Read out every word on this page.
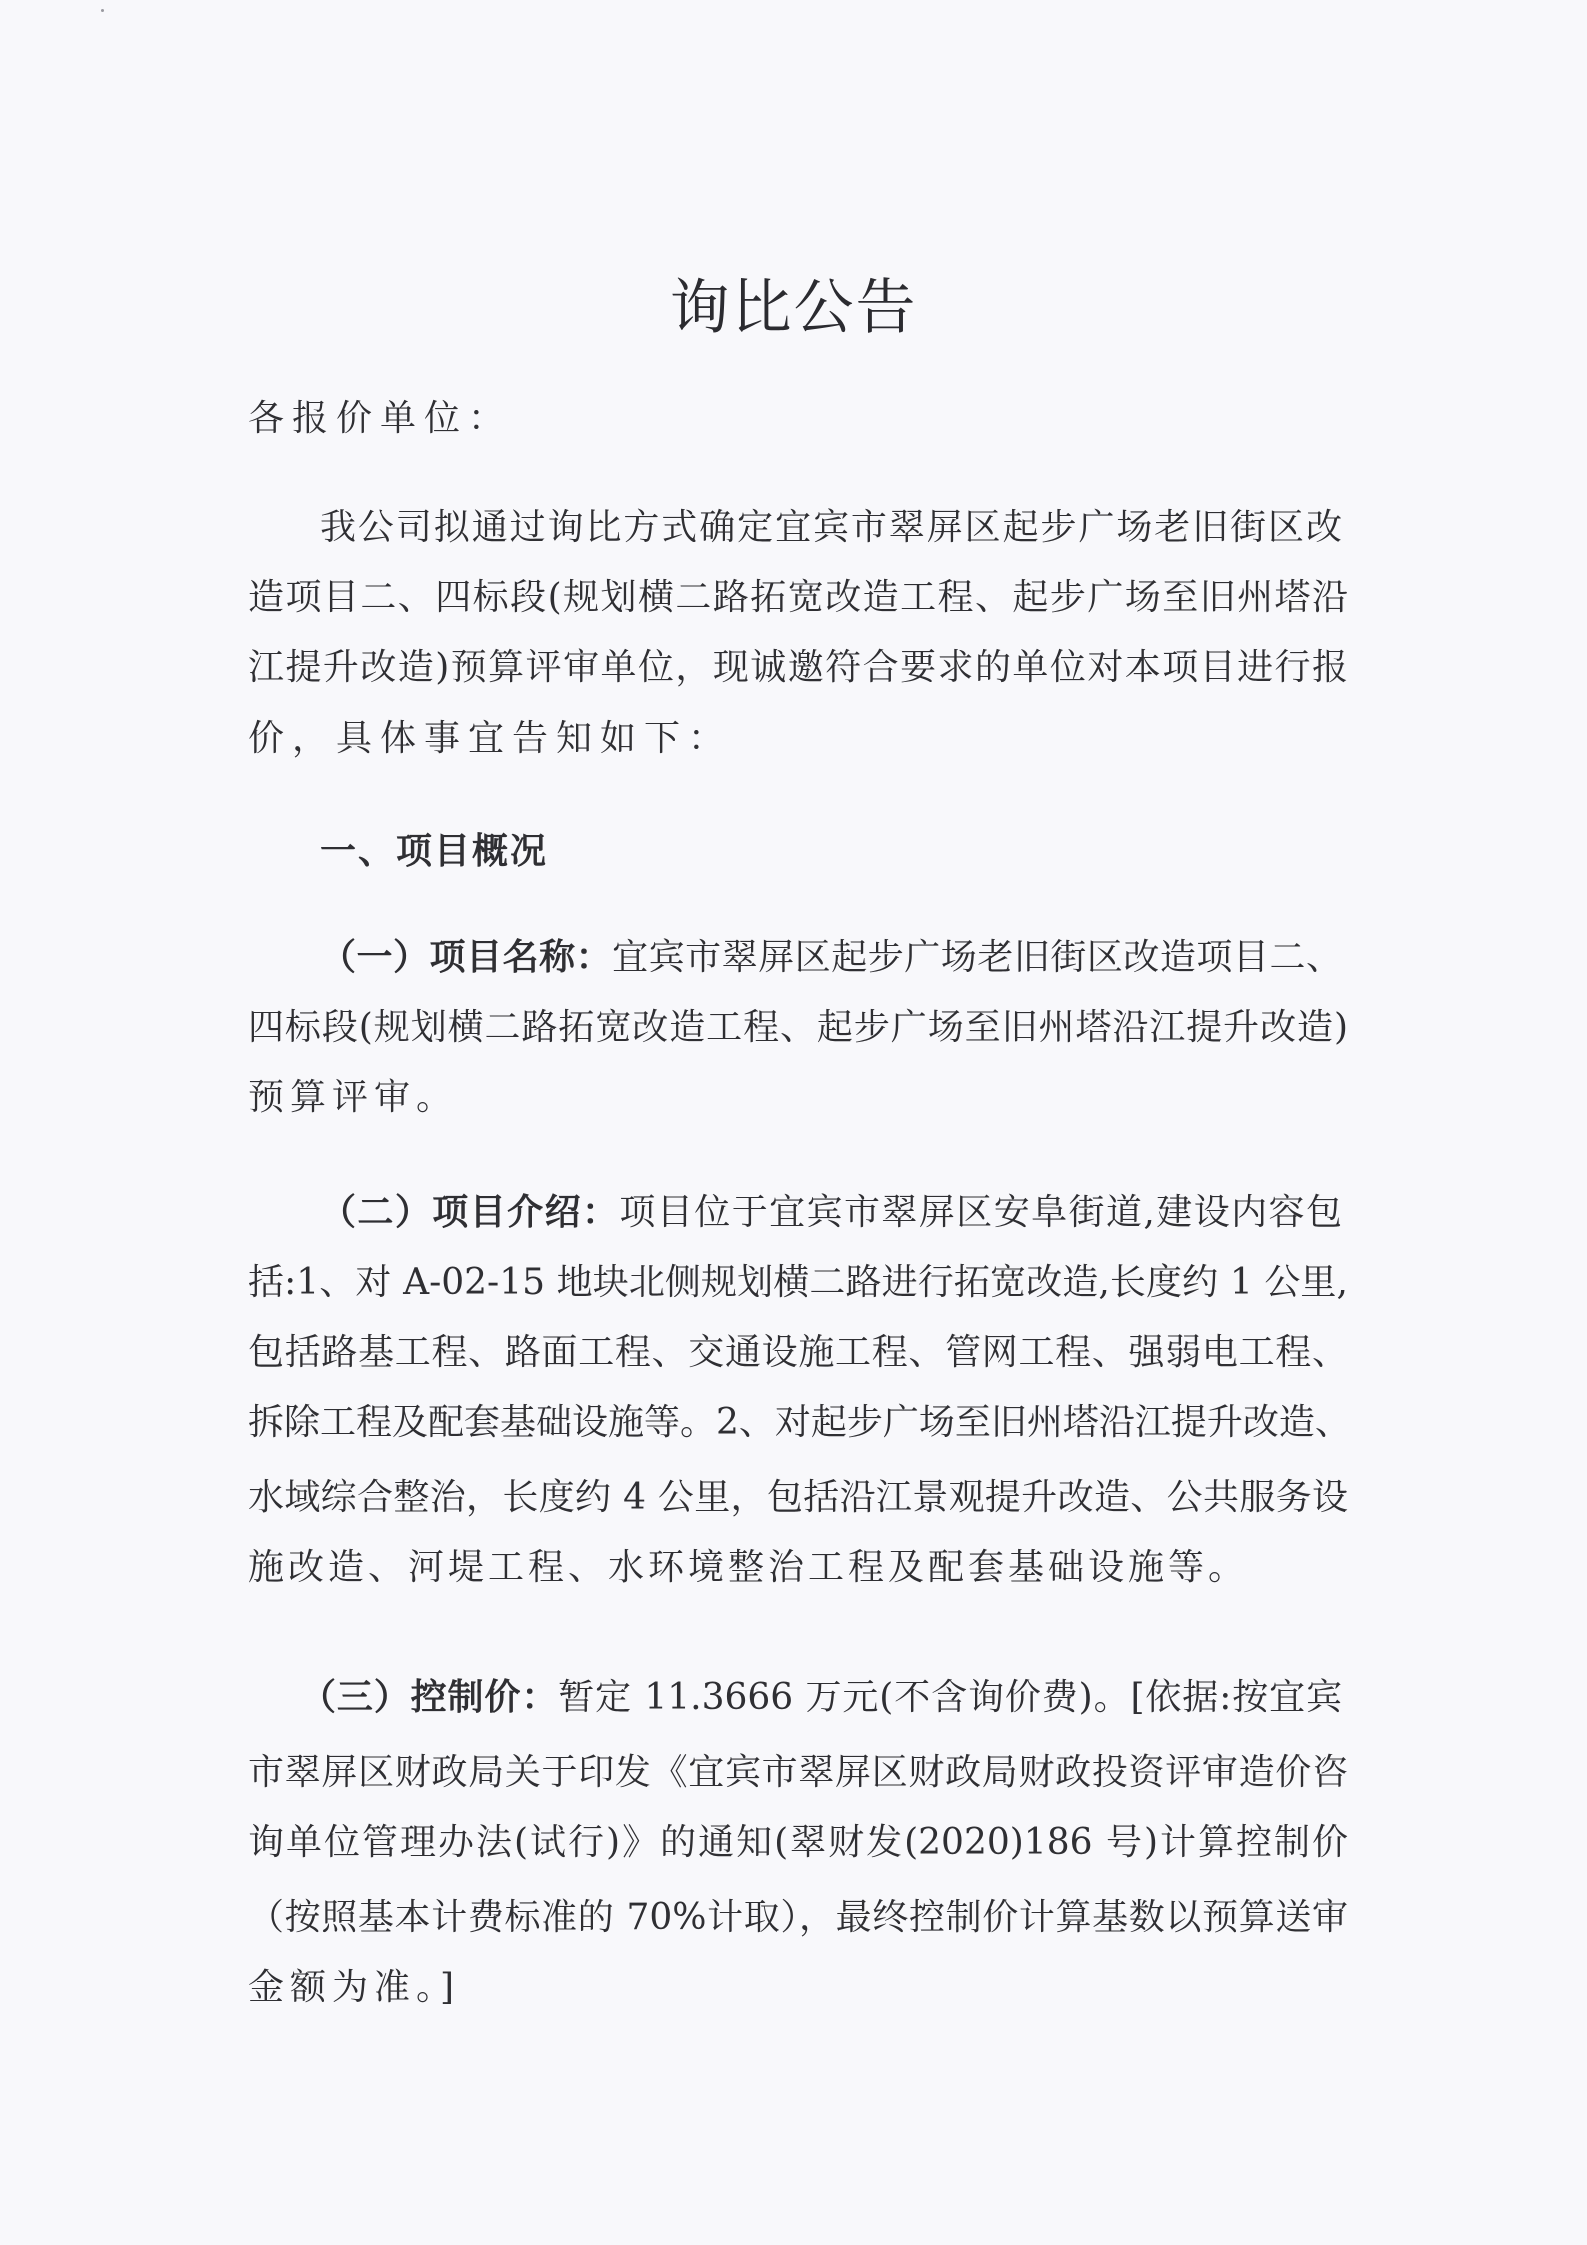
询比公告
各报价单位：
我公司拟通过询比方式确定宜宾市翠屏区起步广场老旧街区改
造项目二、四标段(规划横二路拓宽改造工程、起步广场至旧州塔沿
江提升改造)预算评审单位，现诚邀符合要求的单位对本项目进行报
价，具体事宜告知如下：
一、项目概况
（一）项目名称：宜宾市翠屏区起步广场老旧街区改造项目二、
四标段(规划横二路拓宽改造工程、起步广场至旧州塔沿江提升改造)
预算评审。
（二）项目介绍：项目位于宜宾市翠屏区安阜街道,建设内容包
括:1、对 A-02-15 地块北侧规划横二路进行拓宽改造,长度约 1 公里,
包括路基工程、路面工程、交通设施工程、管网工程、强弱电工程、
拆除工程及配套基础设施等。2、对起步广场至旧州塔沿江提升改造、
水域综合整治，长度约 4 公里，包括沿江景观提升改造、公共服务设
施改造、河堤工程、水环境整治工程及配套基础设施等。
（三）控制价：暂定 11.3666 万元(不含询价费)。[依据:按宜宾
市翠屏区财政局关于印发《宜宾市翠屏区财政局财政投资评审造价咨
询单位管理办法(试行)》的通知(翠财发(2020)186 号)计算控制价
（按照基本计费标准的 70%计取），最终控制价计算基数以预算送审
金额为准。]
